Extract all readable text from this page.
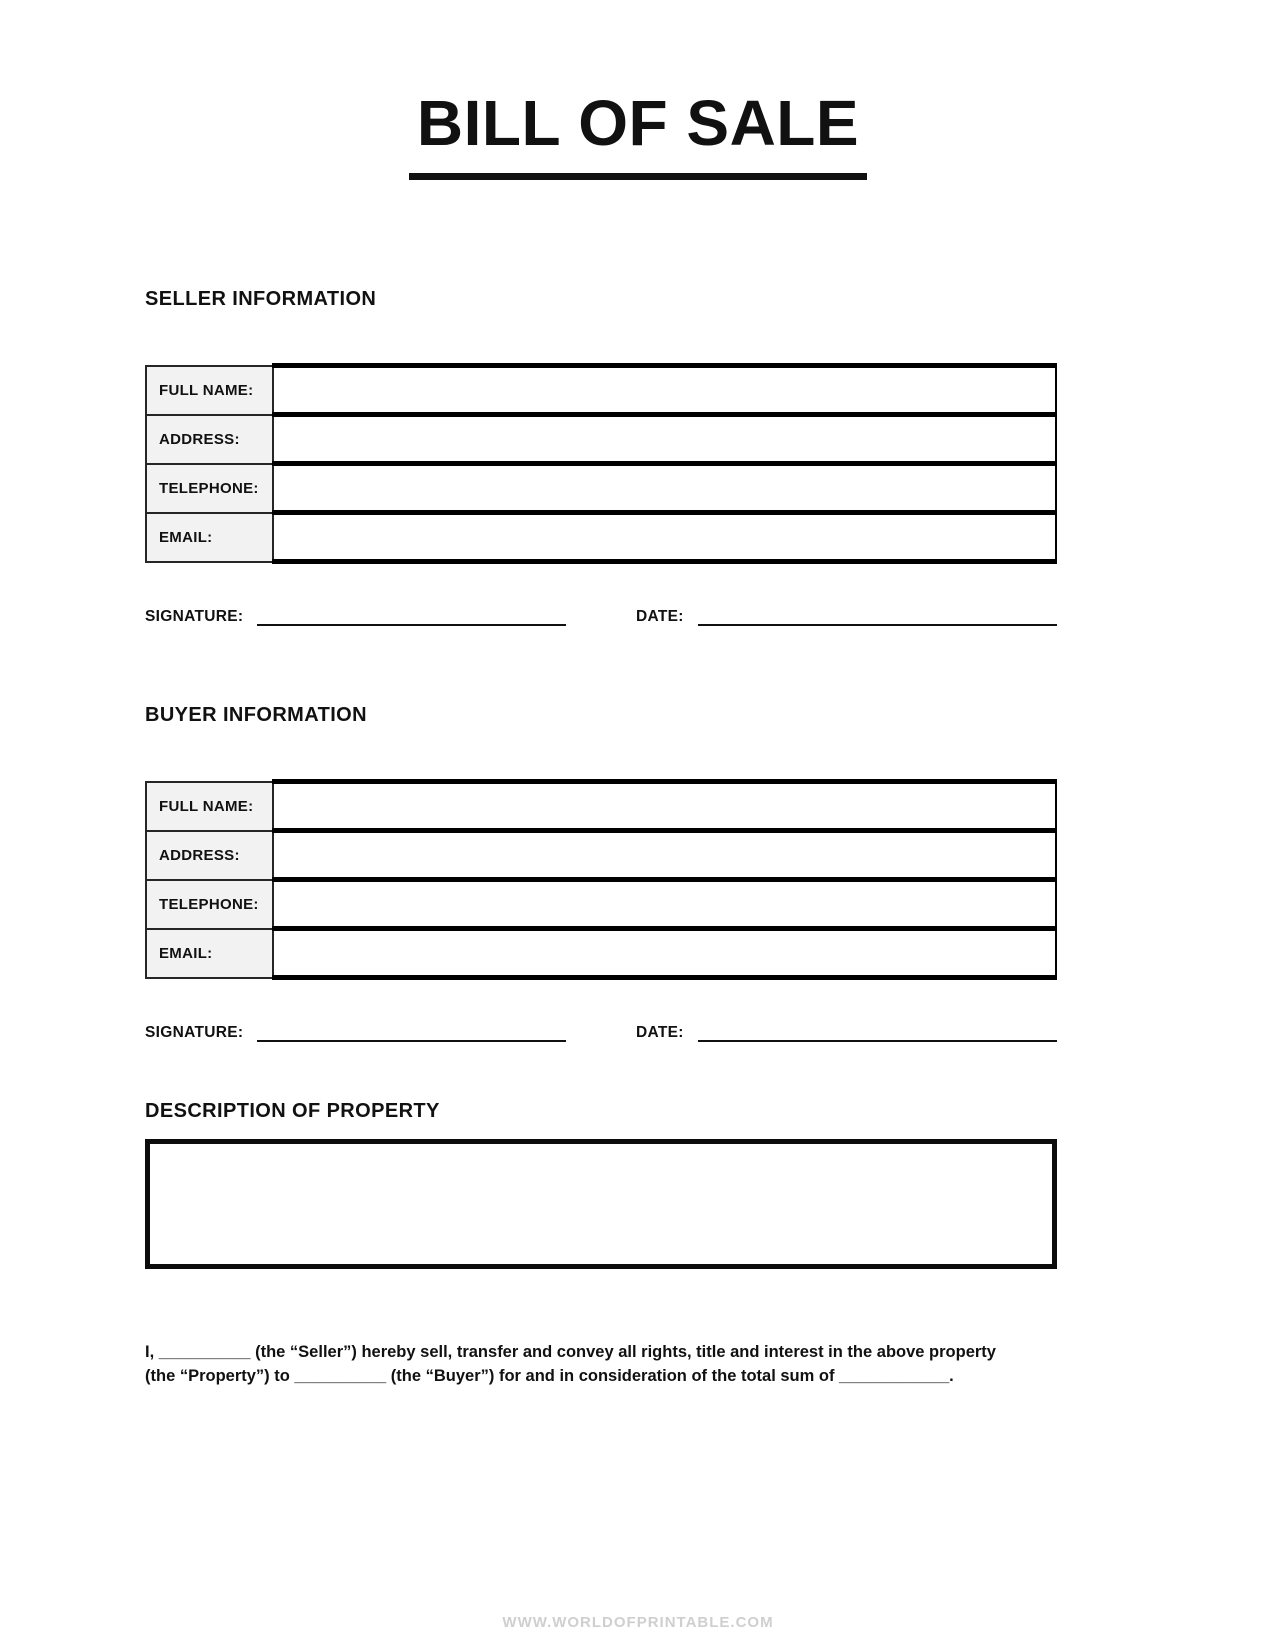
BILL OF SALE
SELLER INFORMATION
FULL NAME:	
ADDRESS:	
TELEPHONE:	
EMAIL:	
SIGNATURE:	DATE:
BUYER INFORMATION
FULL NAME:	
ADDRESS:	
TELEPHONE:	
EMAIL:	
SIGNATURE:	DATE:
DESCRIPTION OF PROPERTY

I, __________ (the “Seller”) hereby sell, transfer and convey all rights, title and interest in the above property
(the “Property”) to __________ (the “Buyer”) for and in consideration of the total sum of ____________.

WWW.WORLDOFPRINTABLE.COM
